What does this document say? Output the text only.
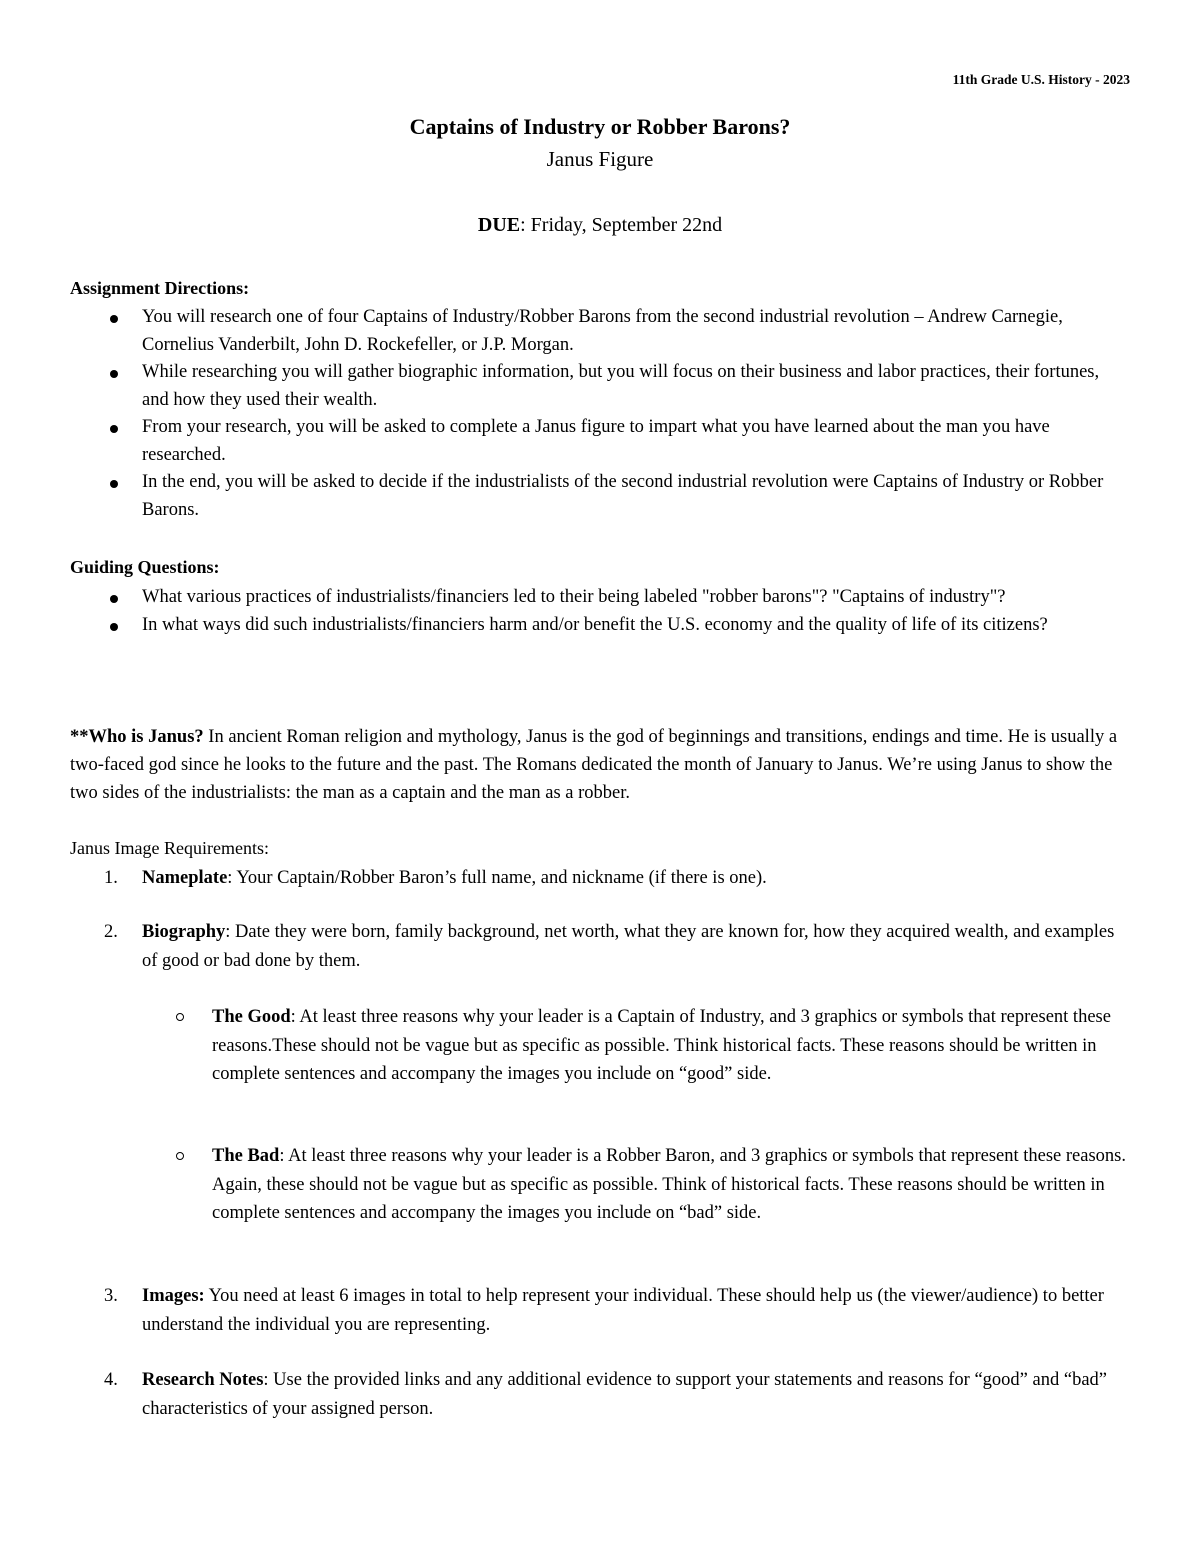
11th Grade U.S. History - 2023
Captains of Industry or Robber Barons?
Janus Figure
DUE: Friday, September 22nd
Assignment Directions:
You will research one of four Captains of Industry/Robber Barons from the second industrial revolution – Andrew Carnegie, Cornelius Vanderbilt, John D. Rockefeller, or J.P. Morgan.
While researching you will gather biographic information, but you will focus on their business and labor practices, their fortunes, and how they used their wealth.
From your research, you will be asked to complete a Janus figure to impart what you have learned about the man you have researched.
In the end, you will be asked to decide if the industrialists of the second industrial revolution were Captains of Industry or Robber Barons.
Guiding Questions:
What various practices of industrialists/financiers led to their being labeled "robber barons"? "Captains of industry"?
In what ways did such industrialists/financiers harm and/or benefit the U.S. economy and the quality of life of its citizens?
**Who is Janus? In ancient Roman religion and mythology, Janus is the god of beginnings and transitions, endings and time. He is usually a two-faced god since he looks to the future and the past. The Romans dedicated the month of January to Janus. We’re using Janus to show the two sides of the industrialists: the man as a captain and the man as a robber.
Janus Image Requirements:
1. Nameplate: Your Captain/Robber Baron’s full name, and nickname (if there is one).
2. Biography: Date they were born, family background, net worth, what they are known for, how they acquired wealth, and examples of good or bad done by them.
The Good: At least three reasons why your leader is a Captain of Industry, and 3 graphics or symbols that represent these reasons.These should not be vague but as specific as possible. Think historical facts. These reasons should be written in complete sentences and accompany the images you include on “good” side.
The Bad: At least three reasons why your leader is a Robber Baron, and 3 graphics or symbols that represent these reasons. Again, these should not be vague but as specific as possible. Think of historical facts. These reasons should be written in complete sentences and accompany the images you include on “bad” side.
3. Images: You need at least 6 images in total to help represent your individual. These should help us (the viewer/audience) to better understand the individual you are representing.
4. Research Notes: Use the provided links and any additional evidence to support your statements and reasons for “good” and “bad” characteristics of your assigned person.
